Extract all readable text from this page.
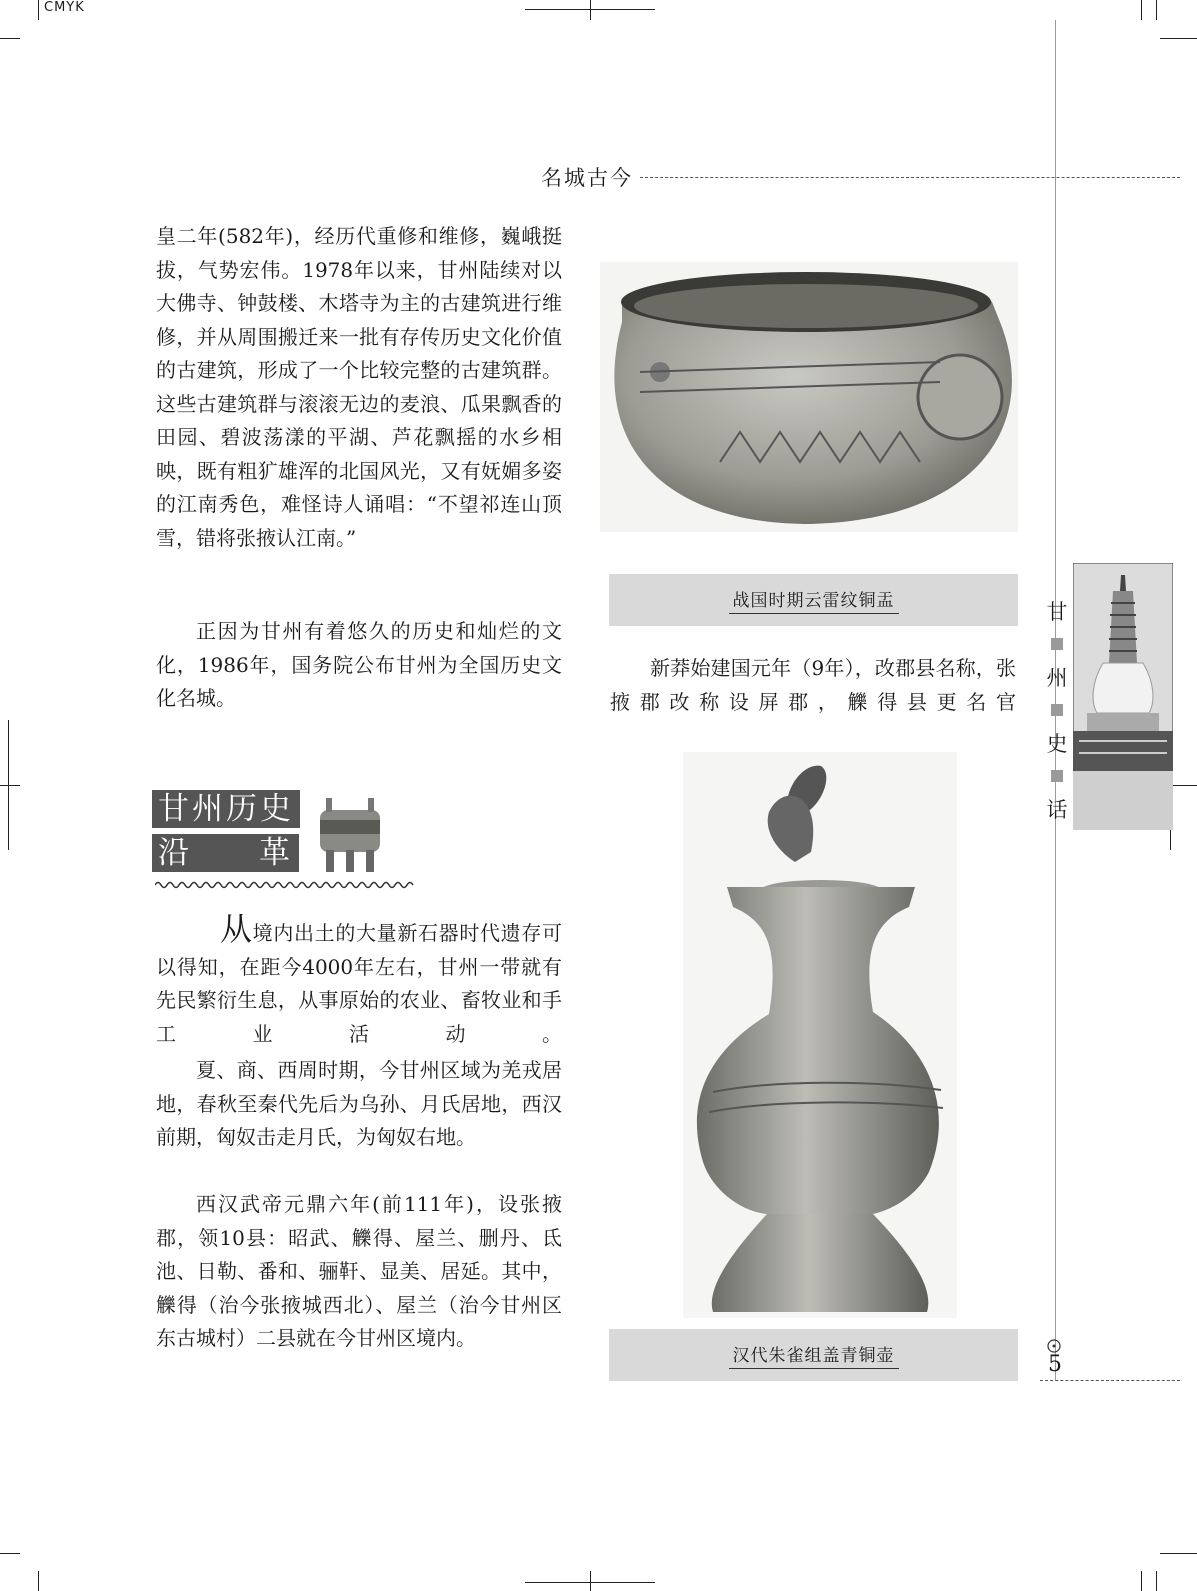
CMYK
名城古今

皇二年(582年)，经历代重修和维修，巍峨挺拔，气势宏伟。1978年以来，甘州陆续对以大佛寺、钟鼓楼、木塔寺为主的古建筑进行维修，并从周围搬迁来一批有存传历史文化价值的古建筑，形成了一个比较完整的古建筑群。这些古建筑群与滚滚无边的麦浪、瓜果飘香的田园、碧波荡漾的平湖、芦花飘摇的水乡相映，既有粗犷雄浑的北国风光，又有妩媚多姿的江南秀色，难怪诗人诵唱：“不望祁连山顶雪，错将张掖认江南。”

正因为甘州有着悠久的历史和灿烂的文化，1986年，国务院公布甘州为全国历史文化名城。

战国时期云雷纹铜盂

新莽始建国元年（9年），改郡县名称，张掖郡改称设屏郡，觻得县更名官

甘州历史
沿 革

从境内出土的大量新石器时代遗存可以得知，在距今4000年左右，甘州一带就有先民繁衍生息，从事原始的农业、畜牧业和手工业活动。

夏、商、西周时期，今甘州区域为羌戎居地，春秋至秦代先后为乌孙、月氏居地，西汉前期，匈奴击走月氏，为匈奴右地。

西汉武帝元鼎六年(前111年)，设张掖郡，领10县：昭武、觻得、屋兰、删丹、氐池、日勒、番和、骊靬、显美、居延。其中，觻得（治今张掖城西北）、屋兰（治今甘州区东古城村）二县就在今甘州区境内。

汉代朱雀组盖青铜壶
甘
州
史
话
5
